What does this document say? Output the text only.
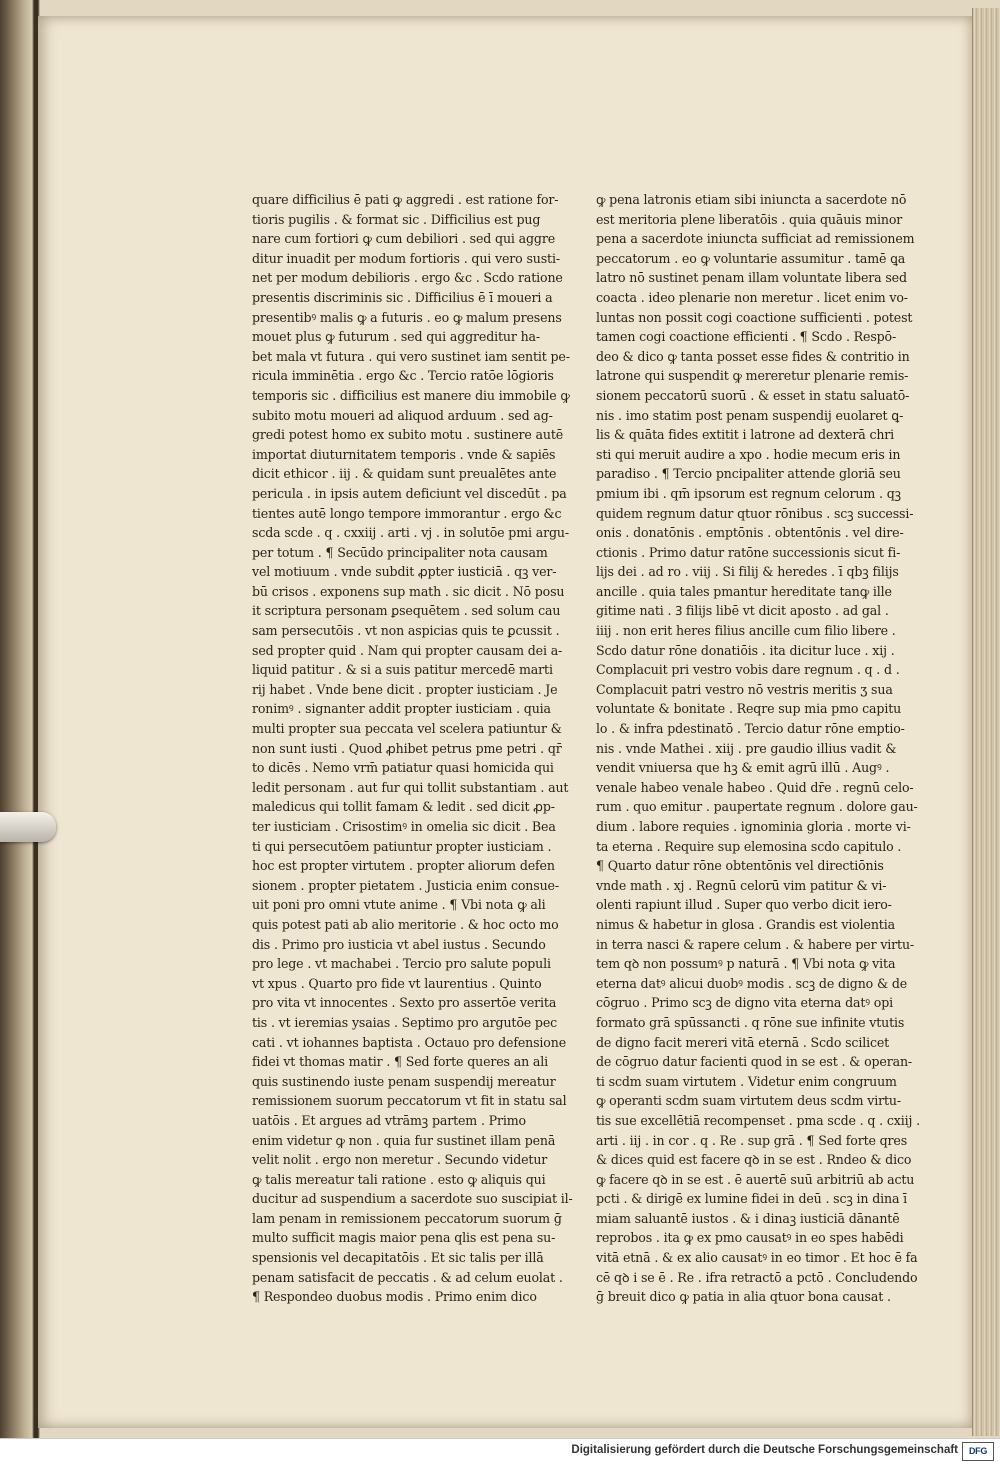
quare difficilius ē pati ꝙ aggredi . est ratione for-
tioris pugilis . & format sic . Difficilius est pug
nare cum fortiori ꝙ cum debiliori . sed qui aggre
ditur inuadit per modum fortioris . qui vero susti-
net per modum debilioris . ergo &c . Scdo ratione
presentis discriminis sic . Difficilius ē ī moueri a
presentibꝰ malis ꝙ a futuris . eo ꝙ malum presens
mouet plus ꝙ futurum . sed qui aggreditur ha-
bet mala vt futura . qui vero sustinet iam sentit pe-
ricula imminētia . ergo &c . Tercio ratōe lōgioris
temporis sic . difficilius est manere diu immobile ꝙ
subito motu moueri ad aliquod arduum . sed ag-
gredi potest homo ex subito motu . sustinere autē
importat diuturnitatem temporis . vnde & sapiēs
dicit ethicor . iij . & quidam sunt preualētes ante
pericula . in ipsis autem deficiunt vel discedūt . pa
tientes autē longo tempore immorantur . ergo &c
scda scde . q . cxxiij . arti . vj . in solutōe pmi argu-
per totum . ¶ Secūdo principaliter nota causam
vel motiuum . vnde subdit ꝓpter iusticiā . qꝫ ver-
bū crisos . exponens sup math . sic dicit . Nō posu
it scriptura personam ꝑsequētem . sed solum cau
sam persecutōis . vt non aspicias quis te ꝑcussit .
sed propter quid . Nam qui propter causam dei a-
liquid patitur . & si a suis patitur mercedē marti
rij habet . Vnde bene dicit . propter iusticiam . Je
ronimꝰ . signanter addit propter iusticiam . quia
multi propter sua peccata vel scelera patiuntur &
non sunt iusti . Quod ꝓhibet petrus pme petri . qr̄
to dicēs . Nemo vrm̄ patiatur quasi homicida qui
ledit personam . aut fur qui tollit substantiam . aut
maledicus qui tollit famam & ledit . sed dicit ꝓp-
ter iusticiam . Crisostimꝰ in omelia sic dicit . Bea
ti qui persecutōem patiuntur propter iusticiam .
hoc est propter virtutem . propter aliorum defen
sionem . propter pietatem . Justicia enim consue-
uit poni pro omni vtute anime . ¶ Vbi nota ꝙ ali
quis potest pati ab alio meritorie . & hoc octo mo
dis . Primo pro iusticia vt abel iustus . Secundo
pro lege . vt machabei . Tercio pro salute populi
vt xpus . Quarto pro fide vt laurentius . Quinto
pro vita vt innocentes . Sexto pro assertōe verita
tis . vt ieremias ysaias . Septimo pro argutōe pec
cati . vt iohannes baptista . Octauo pro defensione
fidei vt thomas matir . ¶ Sed forte queres an ali
quis sustinendo iuste penam suspendij mereatur
remissionem suorum peccatorum vt fit in statu sal
uatōis . Et argues ad vtrāmꝫ partem . Primo
enim videtur ꝙ non . quia fur sustinet illam penā
velit nolit . ergo non meretur . Secundo videtur
ꝙ talis mereatur tali ratione . esto ꝙ aliquis qui
ducitur ad suspendium a sacerdote suo suscipiat il-
lam penam in remissionem peccatorum suorum ḡ
multo sufficit magis maior pena qlis est pena su-
spensionis vel decapitatōis . Et sic talis per illā
penam satisfacit de peccatis . & ad celum euolat .
¶ Respondeo duobus modis . Primo enim dico
ꝙ pena latronis etiam sibi iniuncta a sacerdote nō
est meritoria plene liberatōis . quia quāuis minor
pena a sacerdote iniuncta sufficiat ad remissionem
peccatorum . eo ꝙ voluntarie assumitur . tamē ꝗa
latro nō sustinet penam illam voluntate libera sed
coacta . ideo plenarie non meretur . licet enim vo-
luntas non possit cogi coactione sufficienti . potest
tamen cogi coactione efficienti . ¶ Scdo . Respō-
deo & dico ꝙ tanta posset esse fides & contritio in
latrone qui suspendit ꝙ mereretur plenarie remis-
sionem peccatorū suorū . & esset in statu saluatō-
nis . imo statim post penam suspendij euolaret ꝗ-
lis & quāta fides extitit i latrone ad dexterā chri
sti qui meruit audire a xpo . hodie mecum eris in
paradiso . ¶ Tercio pncipaliter attende gloriā seu
pmium ibi . qm̄ ipsorum est regnum celorum . qꝫ
quidem regnum datur qtuor rōnibus . scꝫ successi-
onis . donatōnis . emptōnis . obtentōnis . vel dire-
ctionis . Primo datur ratōne successionis sicut fi-
lijs dei . ad ro . viij . Si filij & heredes . ī qbꝫ filijs
ancille . quia tales pmantur hereditate tanꝙ ille
gitime nati . Ꝫ filijs libē vt dicit aposto . ad gal .
iiij . non erit heres filius ancille cum filio libere .
Scdo datur rōne donatiōis . ita dicitur luce . xij .
Complacuit pri vestro vobis dare regnum . q . d .
Complacuit patri vestro nō vestris meritis ʒ sua
voluntate & bonitate . Reqre sup mia pmo capitu
lo . & infra pdestinatō . Tercio datur rōne emptio-
nis . vnde Mathei . xiij . pre gaudio illius vadit &
vendit vniuersa que hꝫ & emit agrū illū . Augꝰ .
venale habeo venale habeo . Quid dr̄e . regnū celo-
rum . quo emitur . paupertate regnum . dolore gau-
dium . labore requies . ignominia gloria . morte vi-
ta eterna . Require sup elemosina scdo capitulo .
¶ Quarto datur rōne obtentōnis vel directiōnis
vnde math . xj . Regnū celorū vim patitur & vi-
olenti rapiunt illud . Super quo verbo dicit iero-
nimus & habetur in glosa . Grandis est violentia
in terra nasci & rapere celum . & habere per virtu-
tem qꝺ non possumꝰ p naturā . ¶ Vbi nota ꝙ vita
eterna datꝰ alicui duobꝰ modis . scꝫ de digno & de
cōgruo . Primo scꝫ de digno vita eterna datꝰ opi
formato grā spūssancti . q rōne sue infinite vtutis
de digno facit mereri vitā eternā . Scdo scilicet
de cōgruo datur facienti quod in se est . & operan-
ti scdm suam virtutem . Videtur enim congruum
ꝙ operanti scdm suam virtutem deus scdm virtu-
tis sue excellētiā recompenset . pma scde . q . cxiij .
arti . iij . in cor . q . Re . sup grā . ¶ Sed forte qres
& dices quid est facere qꝺ in se est . Rndeo & dico
ꝙ facere qꝺ in se est . ē auertē suū arbitriū ab actu
pcti . & dirigē ex lumine fidei in deū . scꝫ in dina ī
miam saluantē iustos . & i dinaꝫ iusticiā dānantē
reprobos . ita ꝙ ex pmo causatꝰ in eo spes habēdi
vitā etnā . & ex alio causatꝰ in eo timor . Et hoc ē fa
cē qꝺ i se ē . Re . ifra retractō a pctō . Concludendo
ḡ breuit dico ꝙ patia in alia qtuor bona causat .
Digitalisierung gefördert durch die Deutsche Forschungsgemeinschaft	DFG
